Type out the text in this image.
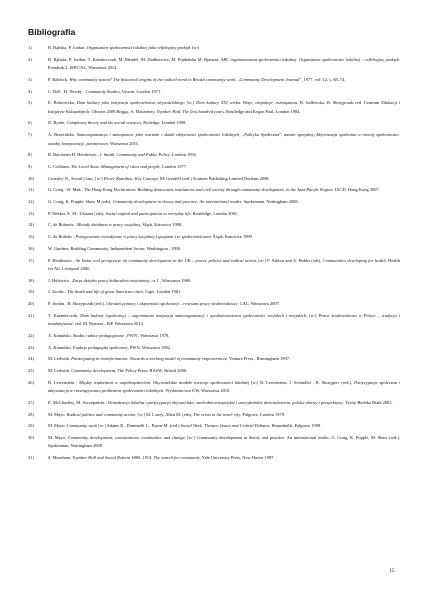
Bibliografia
1)	B. Bąbska, P. Jordan, Organizator społeczności lokalnej jako refleksyjny praktyk [w:]
2)	B. Bąbska, P. Jordan, T. Kaźmierczak, M. Mendel, M. Dudkiewicz, M. Popłońska M. Rymsza, ABC organizowania społeczności lokalnej. Organizator społeczności lokalnej – refleksyjny praktyk. Poradnik 2, ISP/CAL, Warszawa 2014.
3)	P. Baldock, Why community action? The historical origins of the radical trend in British community work, „Community Development Journal”, 1977, vol. 12, s. 68–74.
4)	C. Bell , H. Newby , Community Studies, Unwin, London 1971.
5)	E. Bobrowska, Dom kultury jako instytucja społeczeństwa obywatelskiego [w:] Dom kultury XXI wieku. Wizje, niepokoje, rozwiązania, B. Jedlewska, B. Skrzypczak red. Centrum Edukacji i Inicjatyw Kulturalnych, Olsztyn 2009.Briggs, A. Macartney, Toynbee Hall. The first hundred years, Routledge and Kegan Paul, London 1984.
6)	D. Byrne, Complexity theory and the social sciences, Rotledge, London 1998.
7)	A. Brzezińska, Samoorganizacja i samopomoc jako warunki i skutki aktywności społeczności lokalnych, „Polityka Społeczna”, numer specjalny„Aktywizacja społeczna a rozwój społeczności: zasoby, kompetencje, partnerstwo, Warszawa 2011.
8)	B. Butcherm H. Henderson , J. Smith, Community and Public Policy, London 1993.
9)	C. Cokburn, The Local State. Management of cities and people, London 1977.
10)	Crossley N., Social Class, [w:] Pierre Bourdieu: Key Concept, M. Grenfell (red.) Acumen Publishing Limited Durham 2008.
11)	G. Craig . W. Mak , The Hong Kong Declaration: Building democratic institutions and civil society through community development, in the Asia-Pacific Region, IACD, Hong Kong 2007.
12)	G. Craig, K. Popple, Shaw M (eds), Community development in theory and practice: An international reader, Spokesman, Nottingham 2008.
13)	P. Dekker, E. M., Uslaner (eds), Social capital and participation in everyday life, Routledge, London 2001.
14)	C. de Robertis , Metody działania w pracy socjalnej, Śląsk, Katowice 1998.
15)	C. de Robetis , Postępowanie metodyczne w pracy socjalnej z grupami i ze społecznościami, Śląsk, Katowice 1999.
16)	W. Gardner, Building Community, Independent Sector, Washington , 1990.
17)	P. Henderson , An histor ical perspective on community development in the UK – power, politics and radical action, [w:] P. Ashton and A. Hobbs (eds), Communities developing for health, Health for All, Liverpool 2000.
18)	J. Hulewicz , Zarys dziejów pracy kulturalno-oświatowej, cz.1 , Warszawa 1960.
19)	J. Jacobs , The death and life of great American cities, Cape, London 1961.
20)	P. Jordan , B. Skrzypczak (red.), Ośrodek pomocy i aktywności społecznej – renesans pracy środowiskowej, CAL, Warszawa 2007.
21)	T. Kaźmierczak, Dom ludowy (społeczny) – zapomniana instytucja samoorganizacji i upodmiotowienia społeczności wiejskich i miejskich, [w:] Praca środowiskowa w Polsce – tradycja i teraźniejszość, red. M. Rymsza , ISP, Warszawa 2014.
22)	A. Kamiński, Studia i szkice pedagogiczne , PWN , Warszawa 1978.
23)	A. Kamiński, Funkcje pedagogiki społecznej, PWN, Warszawa 1982.
24)	M. Ledwith, Participating in transformation: Towards a working model of community empowerment, Venture Press., Birmingham 1997.
25)	M. Ledwith, Community development, The Policy Press/ BASW, Bristol 2006.
26)	B. Lewenstein , Między trądzeniem a współrządzeniem. Obywatelskie modele rozwoju społeczności lokalnej [w:] B. Lewenstein, J. Schindler , R. Skrzypiec (red.), Partycypacja społeczna i aktywizacja w rozwiązywaniu problemów społeczności lokalnych, Wydawnictwa UW, Warszawa 2010.
27)	E. McChuskey, M. Szczepański , Demokracja lokalna i partycypacja obywatelska: zachodnioeuropejskie i amerykańskie doświadczenia, polskie obawy i perspektywy, Tychy-Bielsko Biała 2003.
28)	M. Mayo, Radical politics and community action, [w:] M. Loney, Allen M. (eds), The crisis in the inner-city, Palgrave, London 1979.
29)	M. Mayo, Community work [w:] Adams R., Dominelli L., Payne M. (red.) Social Work. Themes, Issues and Critical Debates, Houndmills ,Palgrave 1998.
30)	M. Mayo, Community development, contestations, continuities and change, [w:] Community development in theory and practice: An international reader, G. Craig, K. Popple, M. Shaw (red.), Spokesman, Nottingham 2008.
31)	S. Meacham, Toynbee Hall and Social Reform 1880–1914. The search for community, Yale University Press, New Haven 1987.
15
